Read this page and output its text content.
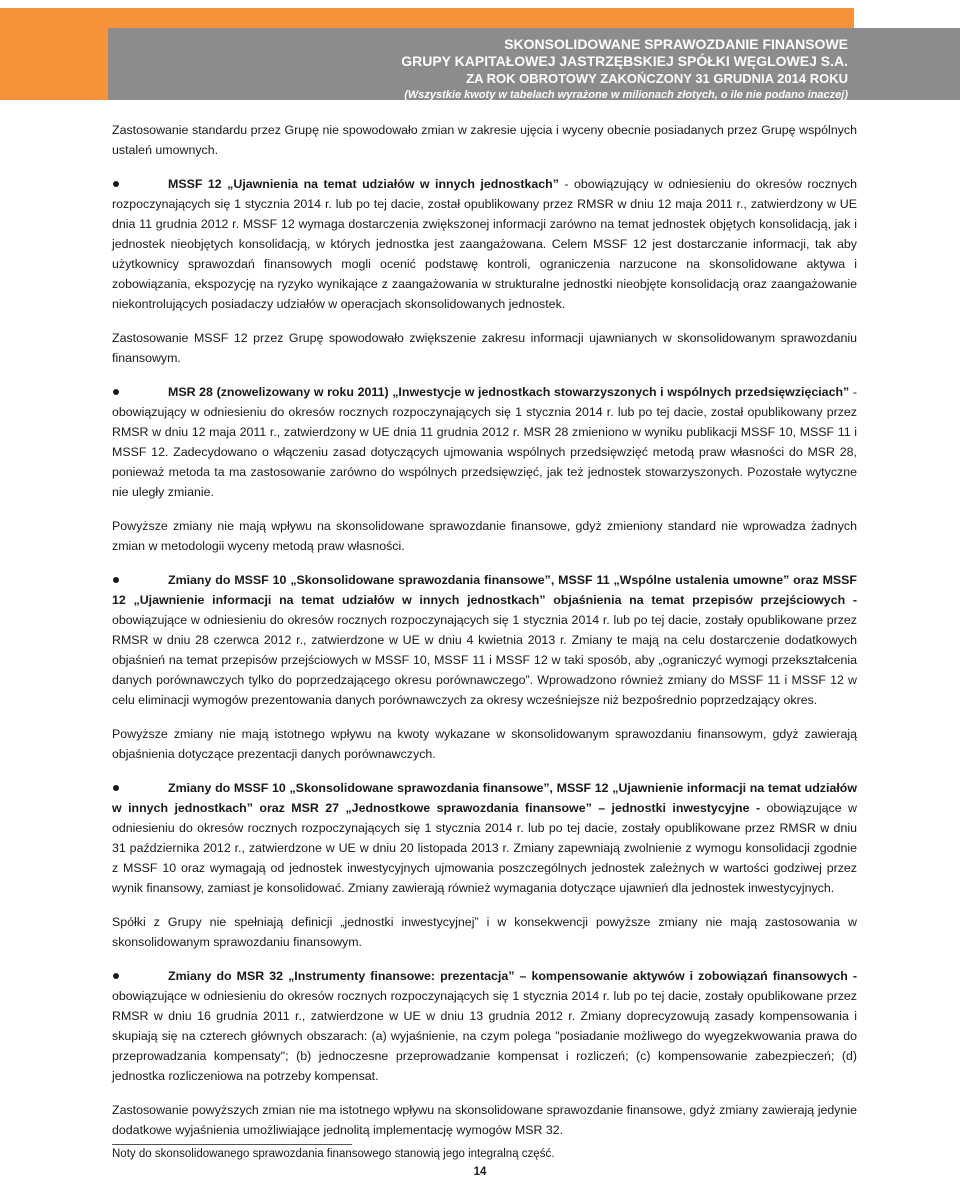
SKONSOLIDOWANE SPRAWOZDANIE FINANSOWE
GRUPY KAPITAŁOWEJ JASTRZĘBSKIEJ SPÓŁKI WĘGLOWEJ S.A.
ZA ROK OBROTOWY ZAKOŃCZONY 31 GRUDNIA 2014 ROKU
(Wszystkie kwoty w tabelach wyrażone w milionach złotych, o ile nie podano inaczej)

Zastosowanie standardu przez Grupę nie spowodowało zmian w zakresie ujęcia i wyceny obecnie posiadanych przez Grupę wspólnych ustaleń umownych.

MSSF 12 „Ujawnienia na temat udziałów w innych jednostkach” - obowiązujący w odniesieniu do okresów rocznych rozpoczynających się 1 stycznia 2014 r. lub po tej dacie, został opublikowany przez RMSR w dniu 12 maja 2011 r., zatwierdzony w UE dnia 11 grudnia 2012 r. MSSF 12 wymaga dostarczenia zwiększonej informacji zarówno na temat jednostek objętych konsolidacją, jak i jednostek nieobjętych konsolidacją, w których jednostka jest zaangażowana. Celem MSSF 12 jest dostarczanie informacji, tak aby użytkownicy sprawozdań finansowych mogli ocenić podstawę kontroli, ograniczenia narzucone na skonsolidowane aktywa i zobowiązania, ekspozycję na ryzyko wynikające z zaangażowania w strukturalne jednostki nieobjęte konsolidacją oraz zaangażowanie niekontrolujących posiadaczy udziałów w operacjach skonsolidowanych jednostek.

Zastosowanie MSSF 12 przez Grupę spowodowało zwiększenie zakresu informacji ujawnianych w skonsolidowanym sprawozdaniu finansowym.

MSR 28 (znowelizowany w roku 2011) „Inwestycje w jednostkach stowarzyszonych i wspólnych przedsięwzięciach” - obowiązujący w odniesieniu do okresów rocznych rozpoczynających się 1 stycznia 2014 r. lub po tej dacie, został opublikowany przez RMSR w dniu 12 maja 2011 r., zatwierdzony w UE dnia 11 grudnia 2012 r. MSR 28 zmieniono w wyniku publikacji MSSF 10, MSSF 11 i MSSF 12. Zadecydowano o włączeniu zasad dotyczących ujmowania wspólnych przedsięwzięć metodą praw własności do MSR 28, ponieważ metoda ta ma zastosowanie zarówno do wspólnych przedsięwzięć, jak też jednostek stowarzyszonych. Pozostałe wytyczne nie uległy zmianie.

Powyższe zmiany nie mają wpływu na skonsolidowane sprawozdanie finansowe, gdyż zmieniony standard nie wprowadza żadnych zmian w metodologii wyceny metodą praw własności.

Zmiany do MSSF 10 „Skonsolidowane sprawozdania finansowe”, MSSF 11 „Wspólne ustalenia umowne” oraz MSSF 12 „Ujawnienie informacji na temat udziałów w innych jednostkach” objaśnienia na temat przepisów przejściowych - obowiązujące w odniesieniu do okresów rocznych rozpoczynających się 1 stycznia 2014 r. lub po tej dacie, zostały opublikowane przez RMSR w dniu 28 czerwca 2012 r., zatwierdzone w UE w dniu 4 kwietnia 2013 r. Zmiany te mają na celu dostarczenie dodatkowych objaśnień na temat przepisów przejściowych w MSSF 10, MSSF 11 i MSSF 12 w taki sposób, aby „ograniczyć wymogi przekształcenia danych porównawczych tylko do poprzedzającego okresu porównawczego”. Wprowadzono również zmiany do MSSF 11 i MSSF 12 w celu eliminacji wymogów prezentowania danych porównawczych za okresy wcześniejsze niż bezpośrednio poprzedzający okres.

Powyższe zmiany nie mają istotnego wpływu na kwoty wykazane w skonsolidowanym sprawozdaniu finansowym, gdyż zawierają objaśnienia dotyczące prezentacji danych porównawczych.

Zmiany do MSSF 10 „Skonsolidowane sprawozdania finansowe”, MSSF 12 „Ujawnienie informacji na temat udziałów w innych jednostkach” oraz MSR 27 „Jednostkowe sprawozdania finansowe” – jednostki inwestycyjne - obowiązujące w odniesieniu do okresów rocznych rozpoczynających się 1 stycznia 2014 r. lub po tej dacie, zostały opublikowane przez RMSR w dniu 31 października 2012 r., zatwierdzone w UE w dniu 20 listopada 2013 r. Zmiany zapewniają zwolnienie z wymogu konsolidacji zgodnie z MSSF 10 oraz wymagają od jednostek inwestycyjnych ujmowania poszczególnych jednostek zależnych w wartości godziwej przez wynik finansowy, zamiast je konsolidować. Zmiany zawierają również wymagania dotyczące ujawnień dla jednostek inwestycyjnych.

Spółki z Grupy nie spełniają definicji „jednostki inwestycyjnej” i w konsekwencji powyższe zmiany nie mają zastosowania w skonsolidowanym sprawozdaniu finansowym.

Zmiany do MSR 32 „Instrumenty finansowe: prezentacja” – kompensowanie aktywów i zobowiązań finansowych - obowiązujące w odniesieniu do okresów rocznych rozpoczynających się 1 stycznia 2014 r. lub po tej dacie, zostały opublikowane przez RMSR w dniu 16 grudnia 2011 r., zatwierdzone w UE w dniu 13 grudnia 2012 r. Zmiany doprecyzowują zasady kompensowania i skupiają się na czterech głównych obszarach: (a) wyjaśnienie, na czym polega "posiadanie możliwego do wyegzekwowania prawa do przeprowadzania kompensaty"; (b) jednoczesne przeprowadzanie kompensat i rozliczeń; (c) kompensowanie zabezpieczeń; (d) jednostka rozliczeniowa na potrzeby kompensat.

Zastosowanie powyższych zmian nie ma istotnego wpływu na skonsolidowane sprawozdanie finansowe, gdyż zmiany zawierają jedynie dodatkowe wyjaśnienia umożliwiające jednolitą implementację wymogów MSR 32.

Noty do skonsolidowanego sprawozdania finansowego stanowią jego integralną część.
14
